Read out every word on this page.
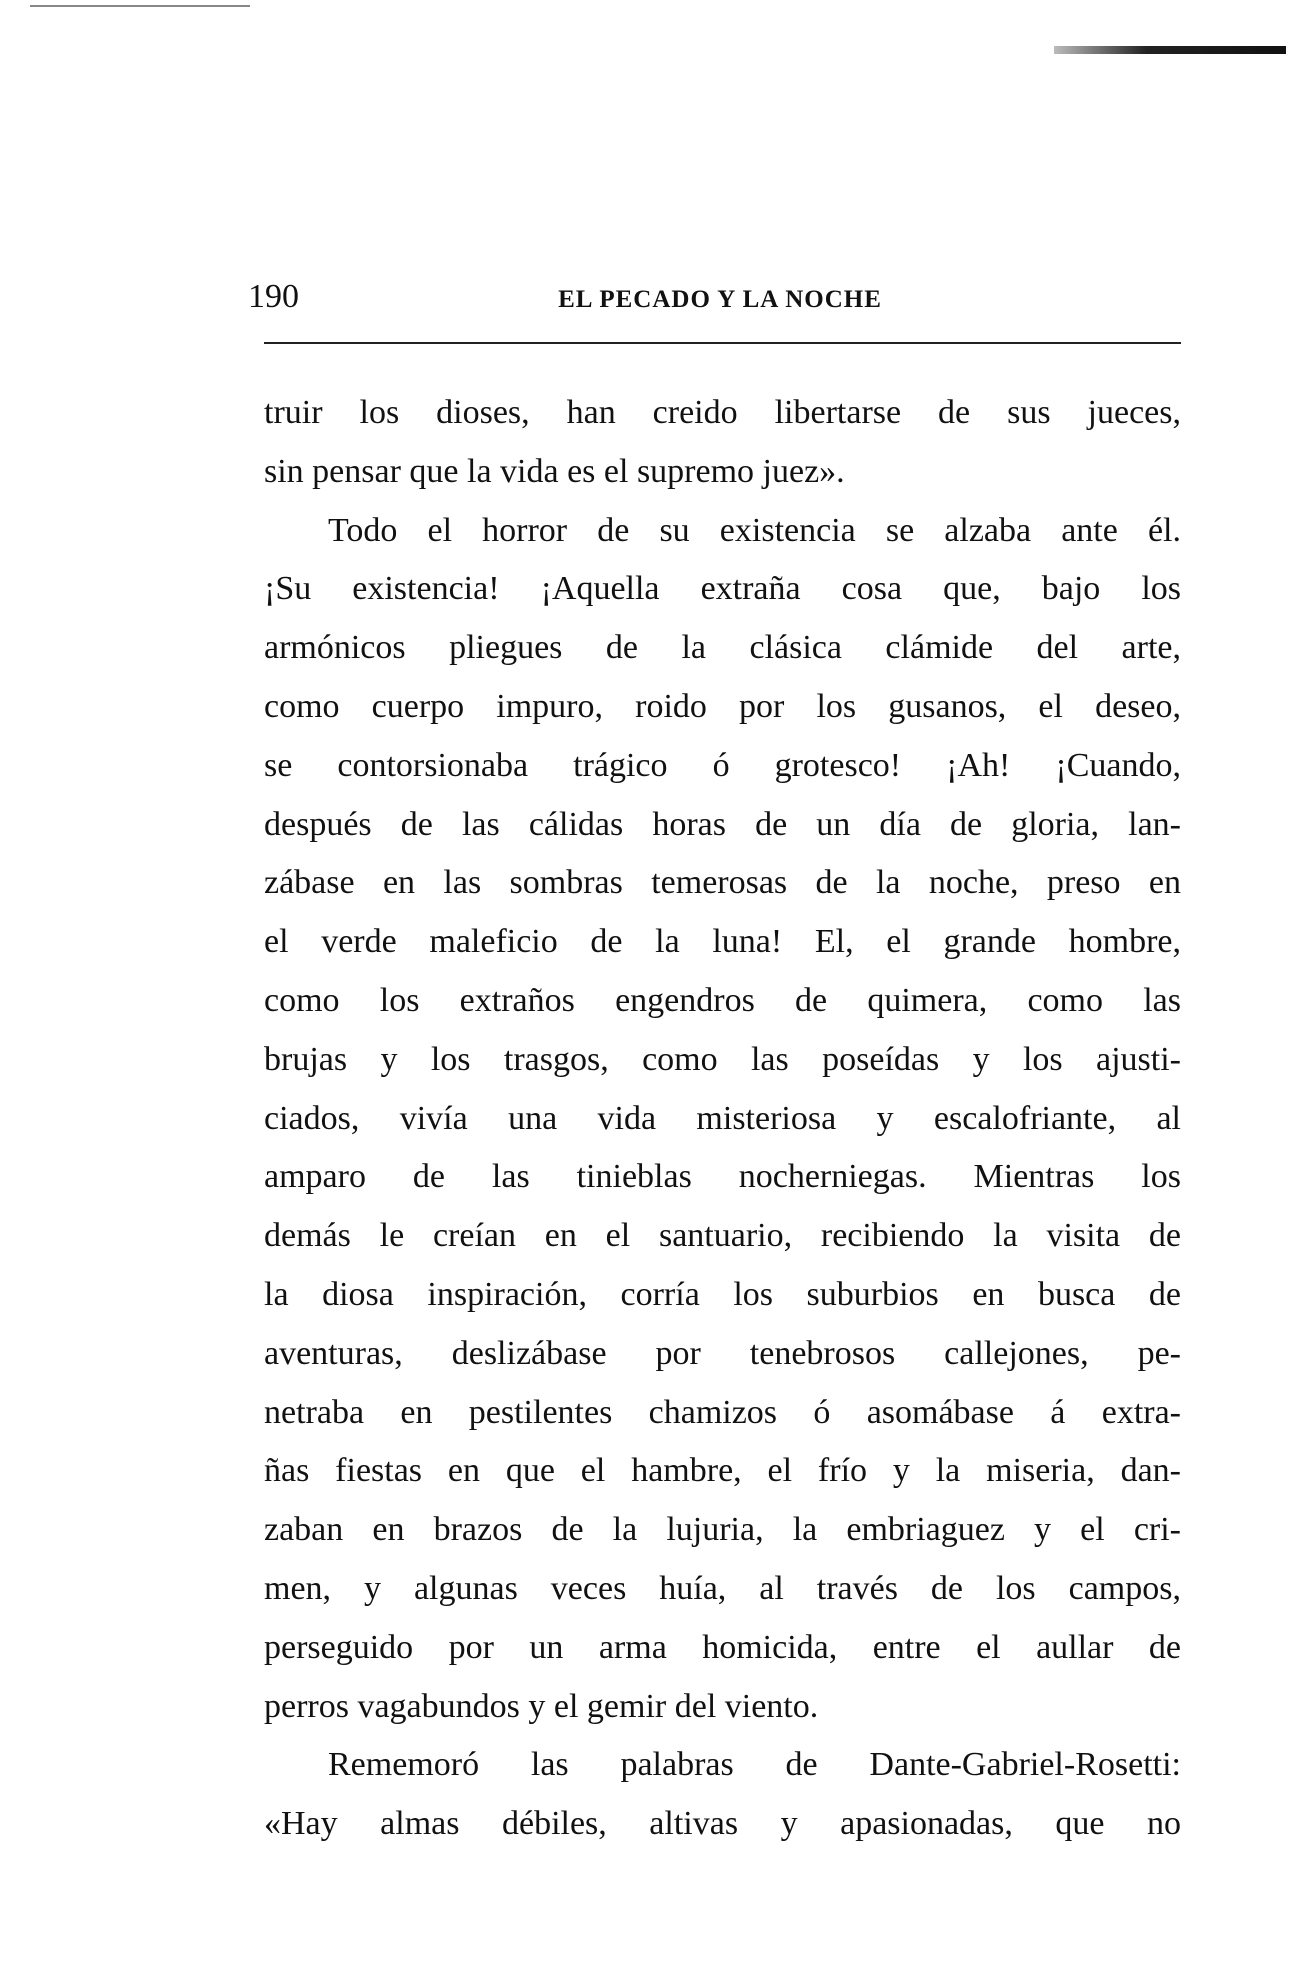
190	EL PECADO Y LA NOCHE
truir los dioses, han creido libertarse de sus jueces,
sin pensar que la vida es el supremo juez».
Todo el horror de su existencia se alzaba ante él.
¡Su existencia! ¡Aquella extraña cosa que, bajo los
armónicos pliegues de la clásica clámide del arte,
como cuerpo impuro, roido por los gusanos, el deseo,
se contorsionaba trágico ó grotesco! ¡Ah! ¡Cuando,
después de las cálidas horas de un día de gloria, lan-
zábase en las sombras temerosas de la noche, preso en
el verde maleficio de la luna! El, el grande hombre,
como los extraños engendros de quimera, como las
brujas y los trasgos, como las poseídas y los ajusti-
ciados, vivía una vida misteriosa y escalofriante, al
amparo de las tinieblas nocherniegas. Mientras los
demás le creían en el santuario, recibiendo la visita de
la diosa inspiración, corría los suburbios en busca de
aventuras, deslizábase por tenebrosos callejones, pe-
netraba en pestilentes chamizos ó asomábase á extra-
ñas fiestas en que el hambre, el frío y la miseria, dan-
zaban en brazos de la lujuria, la embriaguez y el cri-
men, y algunas veces huía, al través de los campos,
perseguido por un arma homicida, entre el aullar de
perros vagabundos y el gemir del viento.
Rememoró las palabras de Dante-Gabriel-Rosetti:
«Hay almas débiles, altivas y apasionadas, que no
